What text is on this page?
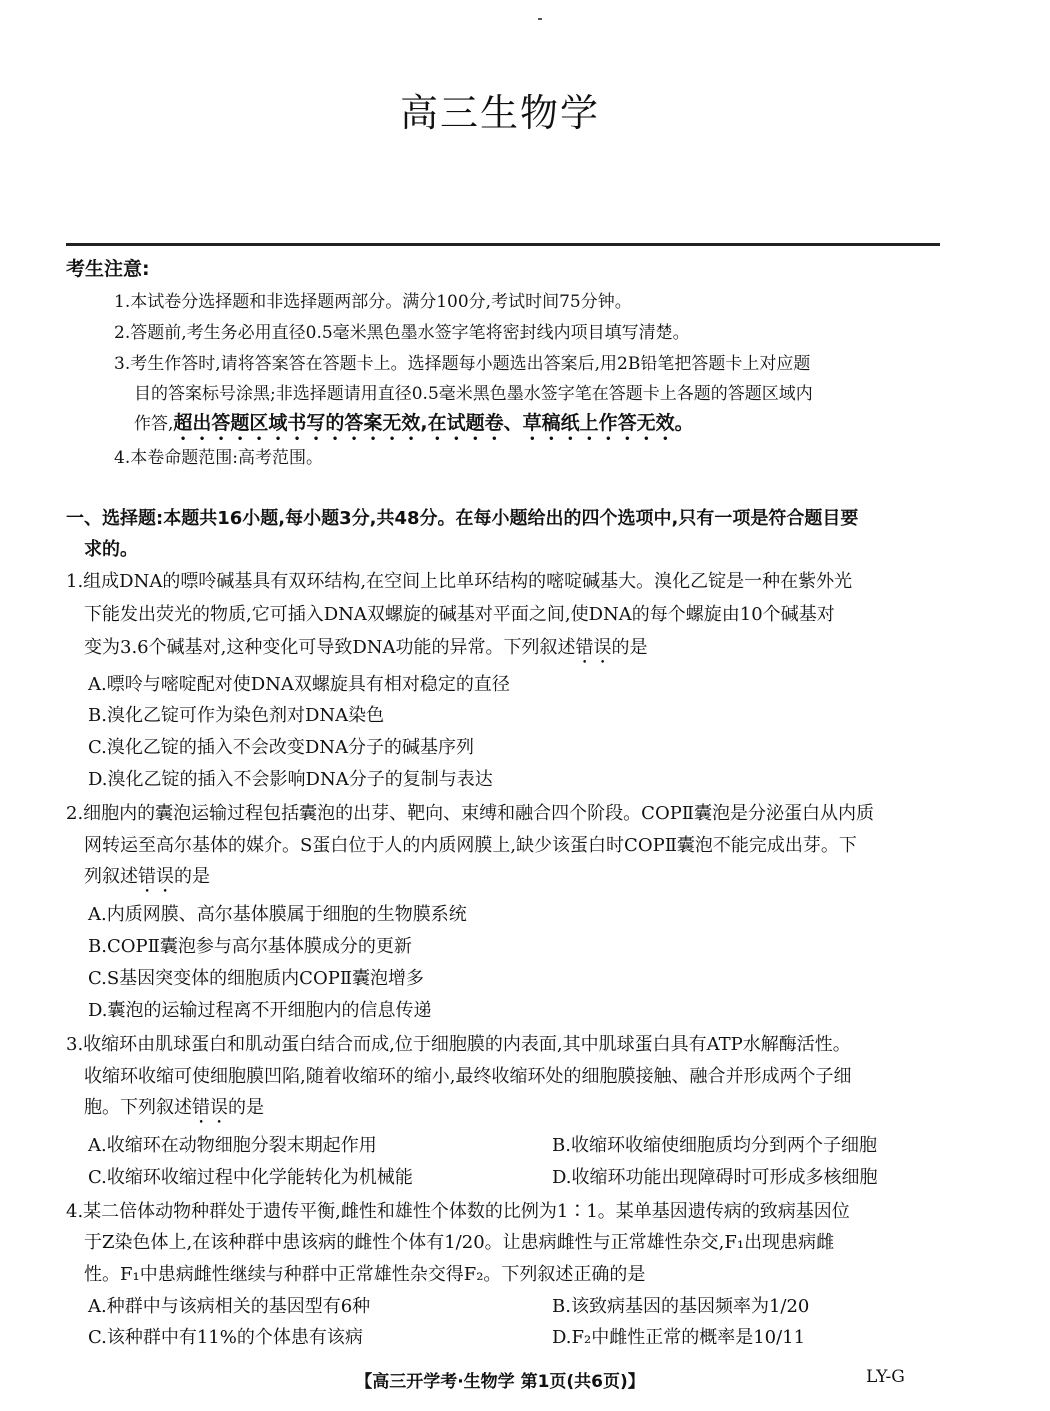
高三生物学
考生注意:
1.本试卷分选择题和非选择题两部分。满分100分,考试时间75分钟。
2.答题前,考生务必用直径0.5毫米黑色墨水签字笔将密封线内项目填写清楚。
3.考生作答时,请将答案答在答题卡上。选择题每小题选出答案后,用2B铅笔把答题卡上对应题
目的答案标号涂黑;非选择题请用直径0.5毫米黑色墨水签字笔在答题卡上各题的答题区域内
作答,超出答题区域书写的答案无效,在试题卷、草稿纸上作答无效。
4.本卷命题范围:高考范围。
一、选择题:本题共16小题,每小题3分,共48分。在每小题给出的四个选项中,只有一项是符合题目要
求的。
1.组成DNA的嘌呤碱基具有双环结构,在空间上比单环结构的嘧啶碱基大。溴化乙锭是一种在紫外光
下能发出荧光的物质,它可插入DNA双螺旋的碱基对平面之间,使DNA的每个螺旋由10个碱基对
变为3.6个碱基对,这种变化可导致DNA功能的异常。下列叙述错误的是
A.嘌呤与嘧啶配对使DNA双螺旋具有相对稳定的直径
B.溴化乙锭可作为染色剂对DNA染色
C.溴化乙锭的插入不会改变DNA分子的碱基序列
D.溴化乙锭的插入不会影响DNA分子的复制与表达
2.细胞内的囊泡运输过程包括囊泡的出芽、靶向、束缚和融合四个阶段。COPⅡ囊泡是分泌蛋白从内质
网转运至高尔基体的媒介。S蛋白位于人的内质网膜上,缺少该蛋白时COPⅡ囊泡不能完成出芽。下
列叙述错误的是
A.内质网膜、高尔基体膜属于细胞的生物膜系统
B.COPⅡ囊泡参与高尔基体膜成分的更新
C.S基因突变体的细胞质内COPⅡ囊泡增多
D.囊泡的运输过程离不开细胞内的信息传递
3.收缩环由肌球蛋白和肌动蛋白结合而成,位于细胞膜的内表面,其中肌球蛋白具有ATP水解酶活性。
收缩环收缩可使细胞膜凹陷,随着收缩环的缩小,最终收缩环处的细胞膜接触、融合并形成两个子细
胞。下列叙述错误的是
A.收缩环在动物细胞分裂末期起作用	B.收缩环收缩使细胞质均分到两个子细胞
C.收缩环收缩过程中化学能转化为机械能	D.收缩环功能出现障碍时可形成多核细胞
4.某二倍体动物种群处于遗传平衡,雌性和雄性个体数的比例为1∶1。某单基因遗传病的致病基因位
于Z染色体上,在该种群中患该病的雌性个体有1/20。让患病雌性与正常雄性杂交,F₁出现患病雌
性。F₁中患病雌性继续与种群中正常雄性杂交得F₂。下列叙述正确的是
A.种群中与该病相关的基因型有6种	B.该致病基因的基因频率为1/20
C.该种群中有11%的个体患有该病	D.F₂中雌性正常的概率是10/11
【高三开学考·生物学 第1页(共6页)】	LY-G
